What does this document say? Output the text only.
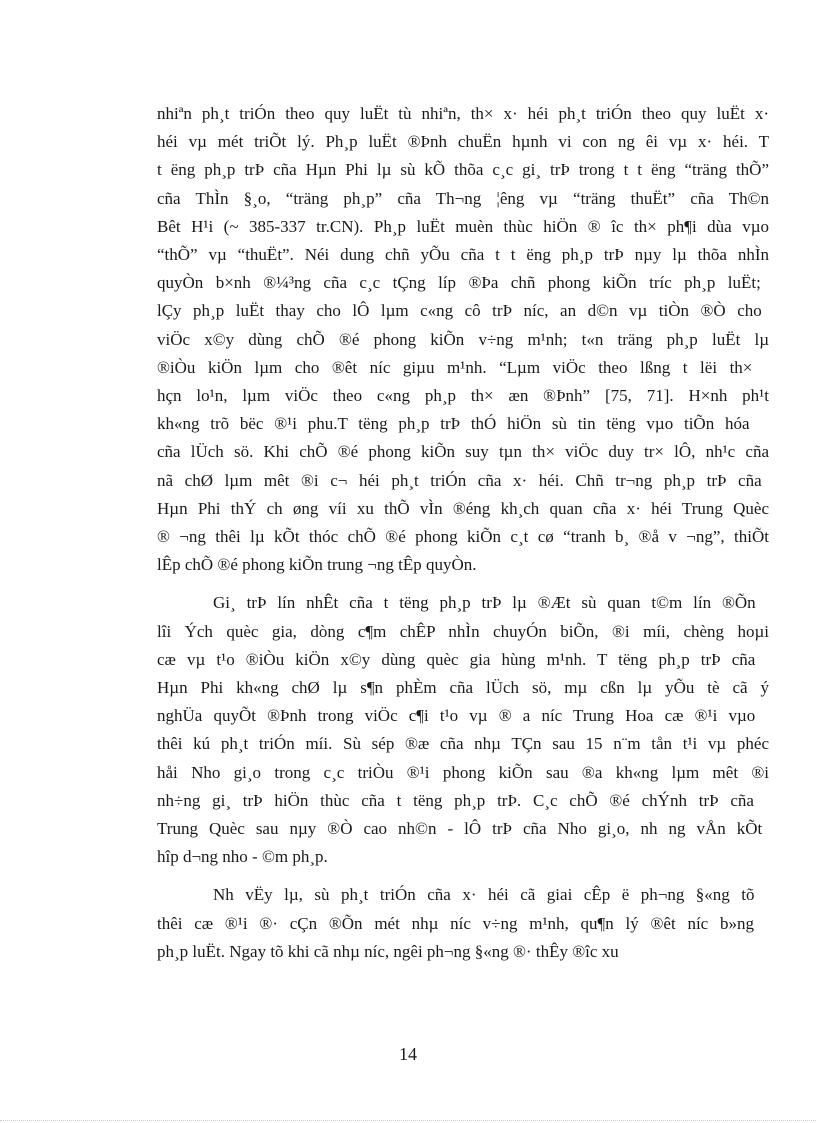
nhiªn ph¸t triÓn theo quy luËt tù nhiªn, th× x· héi ph¸t triÓn theo quy luËt x·
héi vµ mét triÕt lý. Ph¸p luËt ®Þnh chuËn hµnh vi con ng êi vµ x· héi. T
t ëng ph¸p trÞ cña Hµn Phi lµ sù kÕ thõa c¸c gi¸ trÞ trong t t ëng “träng thÕ”
cña ThÌn §¸o, “träng ph¸p” cña Th¬ng ¦êng vµ “träng thuËt” cña Th©n
Bêt H¹i (~ 385-337 tr.CN). Ph¸p luËt muèn thùc hiÖn ® îc th× ph¶i dùa vµo
“thÕ” vµ “thuËt”. Néi dung chñ yÕu cña t t ëng ph¸p trÞ nµy lµ thõa nhÌn
quyÒn b×nh ®¼³ng cña c¸c tÇng líp ®Þa chñ phong kiÕn tríc ph¸p luËt;
lÇy ph¸p luËt thay cho lÔ lµm c«ng cô trÞ níc, an d©n vµ tiÒn ®Ò cho
viÖc x©y dùng chÕ ®é phong kiÕn v÷ng m¹nh; t«n träng ph¸p luËt lµ
®iÒu kiÖn lµm cho ®êt níc giµu m¹nh. “Lµm viÖc theo lßng t lëi th×
hçn lo¹n, lµm viÖc theo c«ng ph¸p th× æn ®Þnh” [75, 71]. H×nh ph¹t
kh«ng trõ bëc ®¹i phu.T tëng ph¸p trÞ thÓ hiÖn sù tin tëng vµo tiÕn hóa
cña lÜch sö. Khi chÕ ®é phong kiÕn suy tµn th× viÖc duy tr× lÔ, nh¹c cña
nã chØ lµm mêt ®i c¬ héi ph¸t triÓn cña x· héi. Chñ tr¬ng ph¸p trÞ cña
Hµn Phi thÝ ch øng víi xu thÕ vÌn ®éng kh¸ch quan cña x· héi Trung Quèc
® ¬ng thêi lµ kÕt thóc chÕ ®é phong kiÕn c¸t cø “tranh b¸ ®å v ¬ng”, thiÕt
lÊp chÕ ®é phong kiÕn trung ¬ng tÊp quyÒn.

Gi¸ trÞ lín nhÊt cña t tëng ph¸p trÞ lµ ®Æt sù quan t©m lín ®Õn
lîi Ých quèc gia, dòng c¶m chÊP nhÌn chuyÓn biÕn, ®i míi, chèng hoµi
cæ vµ t¹o ®iÒu kiÖn x©y dùng quèc gia hùng m¹nh. T tëng ph¸p trÞ cña
Hµn Phi kh«ng chØ lµ s¶n phÈm cña lÜch sö, mµ cßn lµ yÕu tè cã ý
nghÜa quyÕt ®Þnh trong viÖc c¶i t¹o vµ ® a níc Trung Hoa cæ ®¹i vµo
thêi kú ph¸t triÓn míi. Sù sép ®æ cña nhµ TÇn sau 15 n¨m tån t¹i vµ phéc
håi Nho gi¸o trong c¸c triÒu ®¹i phong kiÕn sau ®a kh«ng lµm mêt ®i
nh÷ng gi¸ trÞ hiÖn thùc cña t tëng ph¸p trÞ. C¸c chÕ ®é chÝnh trÞ cña
Trung Quèc sau nµy ®Ò cao nh©n - lÔ trÞ cña Nho gi¸o, nh ng vÅn kÕt
hîp d¬ng nho - ©m ph¸p.

Nh vËy lµ, sù ph¸t triÓn cña x· héi cã giai cÊp ë ph¬ng §«ng tõ
thêi cæ ®¹i ®· cÇn ®Õn mét nhµ níc v÷ng m¹nh, qu¶n lý ®êt níc b»ng
ph¸p luËt. Ngay tõ khi cã nhµ níc, ngêi ph¬ng §«ng ®· thÊy ®îc xu

14
